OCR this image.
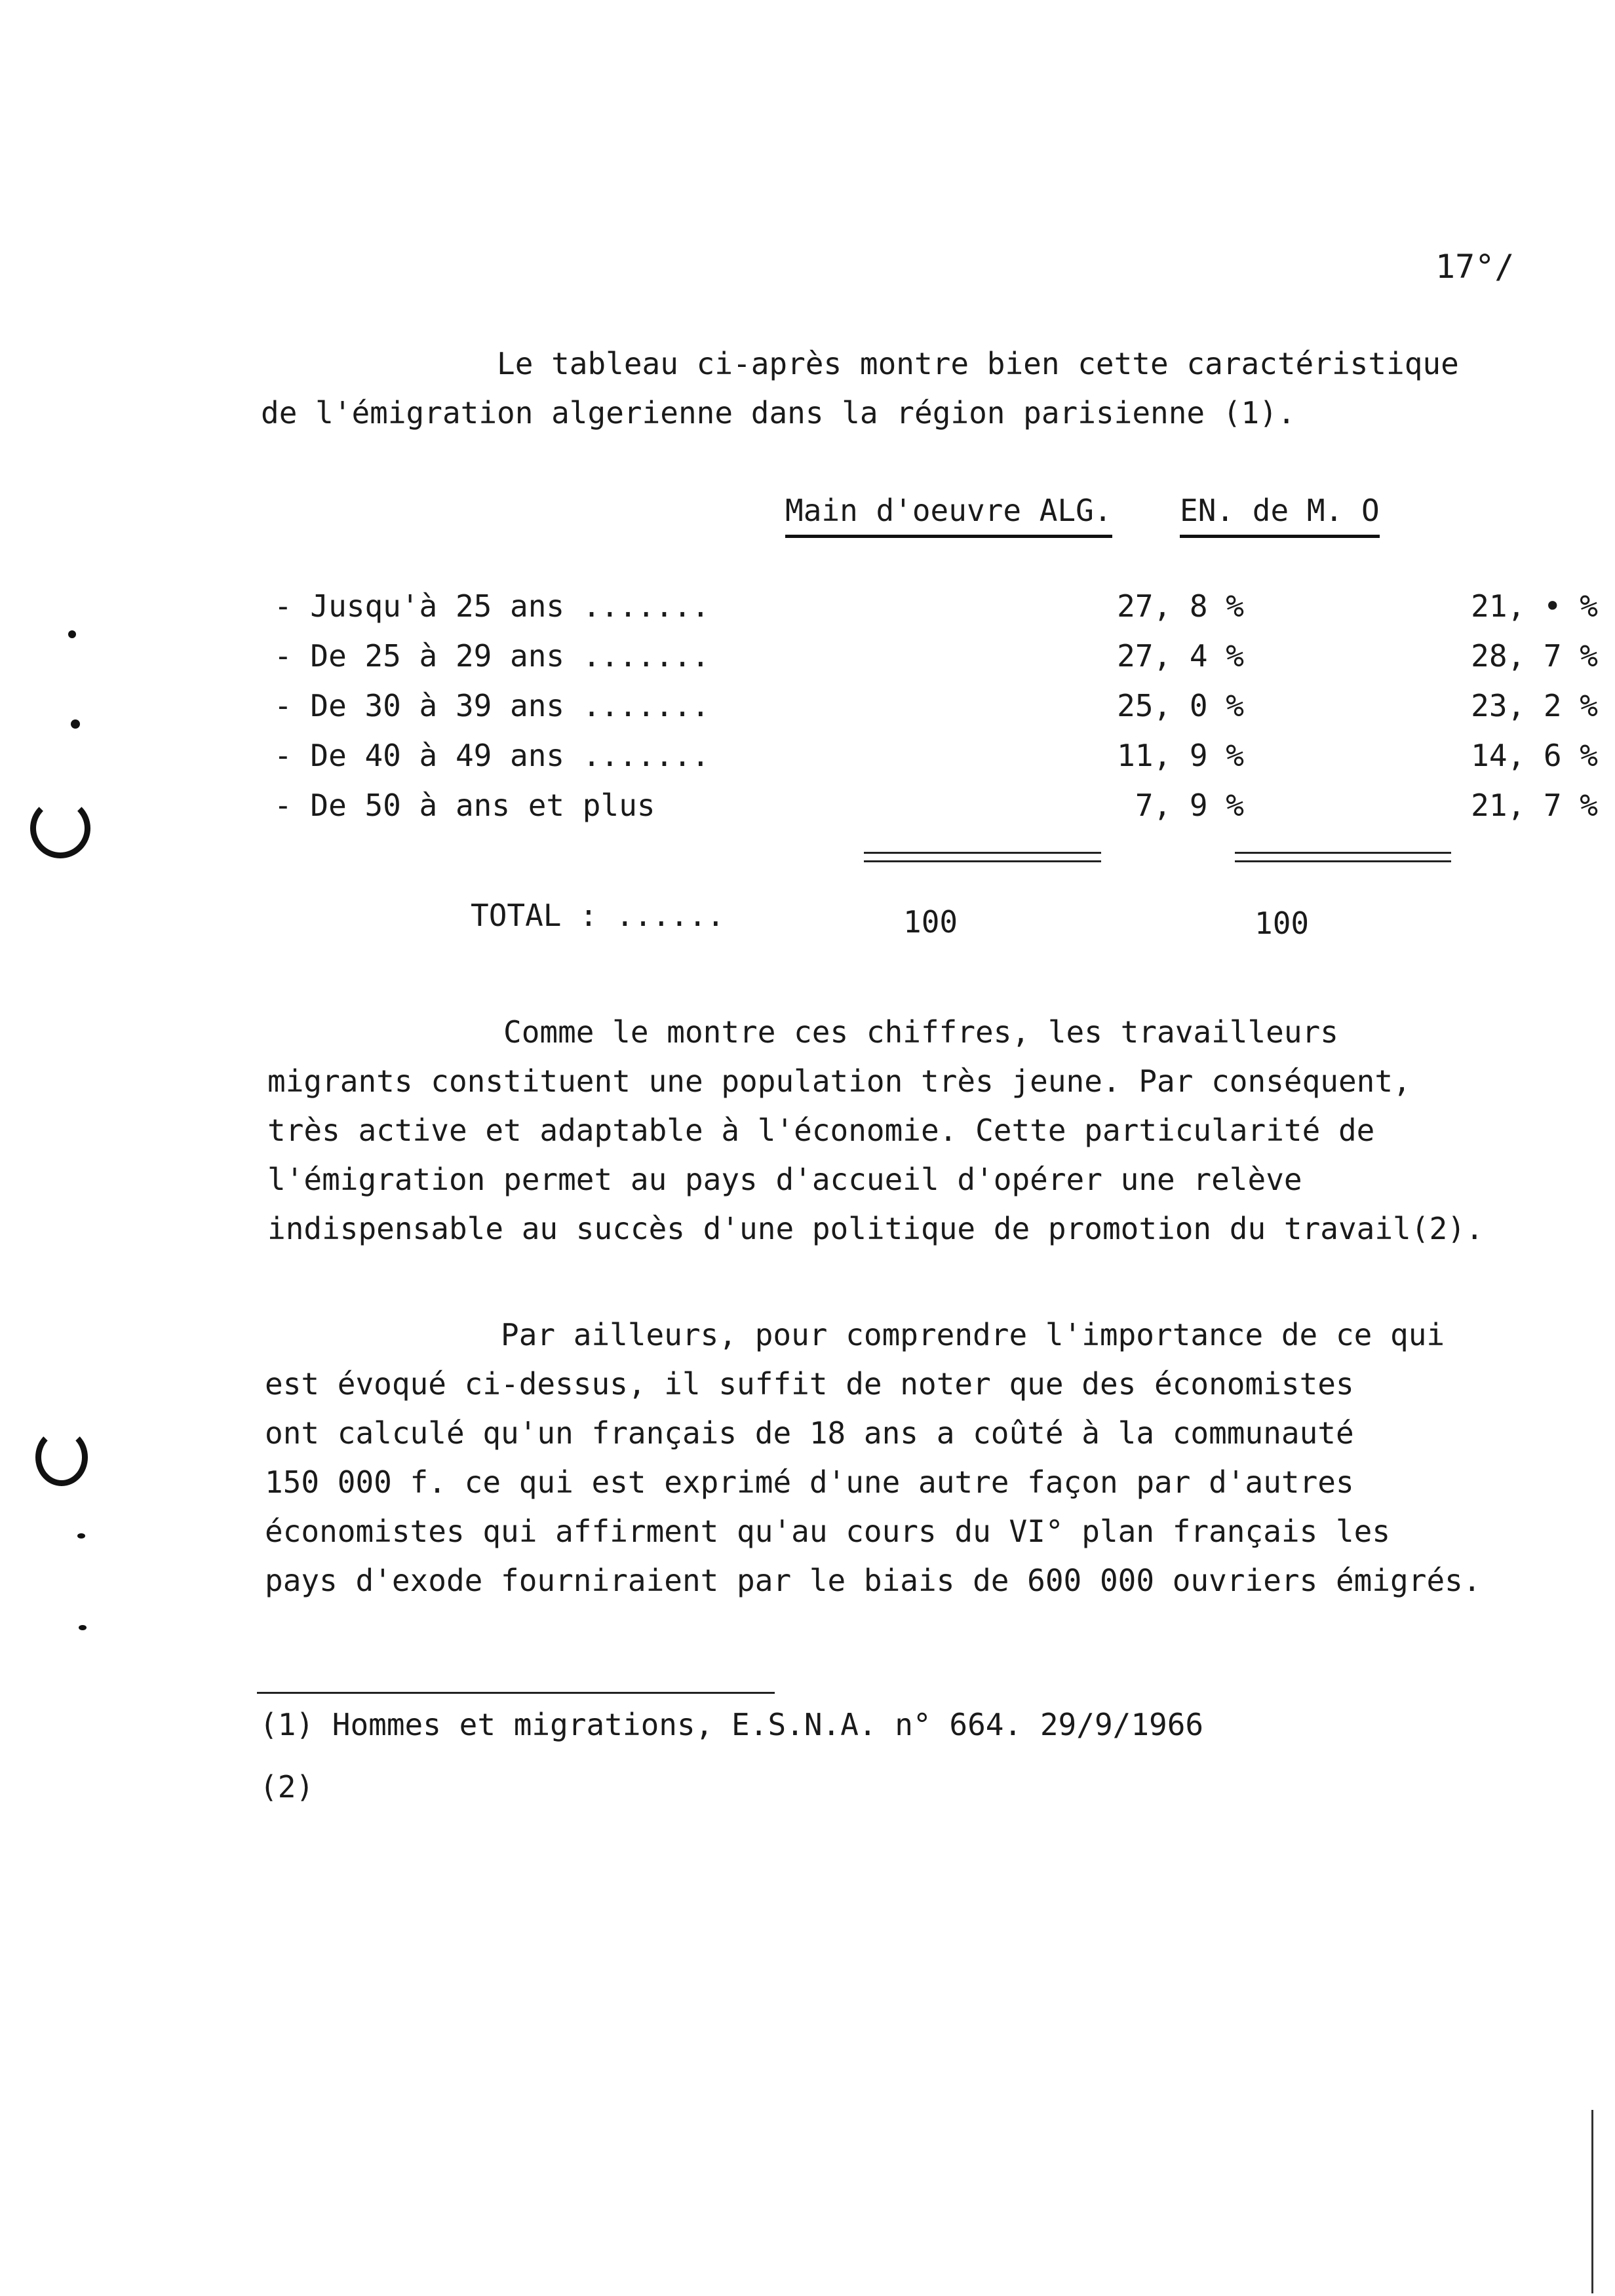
17°/
Le tableau ci-après montre bien cette caractéristique
de l'émigration algerienne dans la région parisienne (1).
Main d'oeuvre ALG. EN. de M. O
- Jusqu'à 25 ans .......	27, 8 %	21, • %
- De 25 à 29 ans .......	27, 4 %	28, 7 %
- De 30 à 39 ans .......	25, 0 %	23, 2 %
- De 40 à 49 ans .......	11, 9 %	14, 6 %
- De 50 à ans et plus	7, 9 %	21, 7 %
TOTAL : ......	100	100
Comme le montre ces chiffres, les travailleurs
migrants constituent une population très jeune. Par conséquent,
très active et adaptable à l'économie. Cette particularité de
l'émigration permet au pays d'accueil d'opérer une relève
indispensable au succès d'une politique de promotion du travail(2).
Par ailleurs, pour comprendre l'importance de ce qui
est évoqué ci-dessus, il suffit de noter que des économistes
ont calculé qu'un français de 18 ans a coûté à la communauté
150 000 f. ce qui est exprimé d'une autre façon par d'autres
économistes qui affirment qu'au cours du VI° plan français les
pays d'exode fourniraient par le biais de 600 000 ouvriers émigrés.
(1) Hommes et migrations, E.S.N.A. n° 664. 29/9/1966
(2)
